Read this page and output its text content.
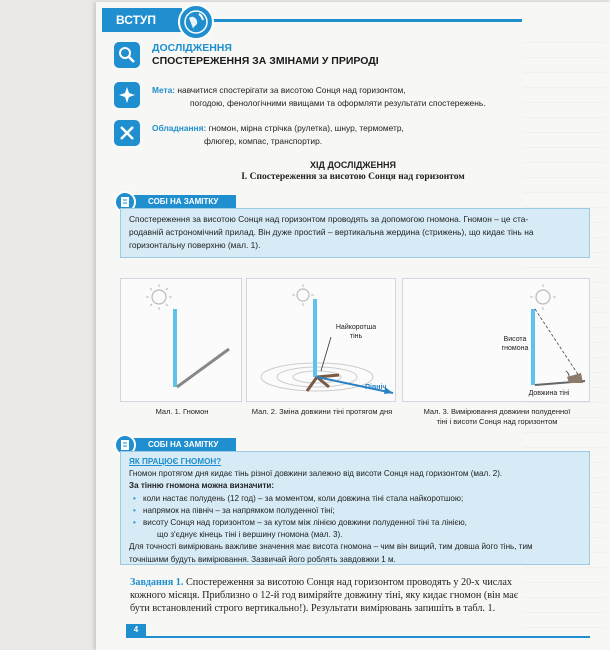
ВСТУП
ДОСЛІДЖЕННЯ
СПОСТЕРЕЖЕННЯ ЗА ЗМІНАМИ У ПРИРОДІ
Мета: навчитися спостерігати за висотою Сонця над горизонтом,
погодою, фенологічними явищами та оформляти результати спостережень.
Обладнання: гномон, мірна стрічка (рулетка), шнур, термометр,
флюгер, компас, транспортир.
ХІД ДОСЛІДЖЕННЯ
I. Спостереження за висотою Сонця над горизонтом
СОБІ НА ЗАМІТКУ
Спостереження за висотою Сонця над горизонтом проводять за допомогою гномона. Гномон – це ста-
родавній астрономічний прилад. Він дуже простий – вертикальна жердина (стрижень), що кидає тінь на
горизонтальну поверхню (мал. 1).
Мал. 1. Гномон
Найкоротша
тінь
Північ
Мал. 2. Зміна довжини тіні протягом дня
Висота
гномона
Довжина тіні
Мал. 3. Вимірювання довжини полуденної
тіні і висоти Сонця над горизонтом
СОБІ НА ЗАМІТКУ
ЯК ПРАЦЮЄ ГНОМОН?
Гномон протягом дня кидає тінь різної довжини залежно від висоти Сонця над горизонтом (мал. 2).
За тінню гномона можна визначити:
• коли настає полудень (12 год) – за моментом, коли довжина тіні стала найкоротшою;
• напрямок на північ – за напрямком полуденної тіні;
• висоту Сонця над горизонтом – за кутом між лінією довжини полуденної тіні та лінією,
що з'єднує кінець тіні і вершину гномона (мал. 3).
Для точності вимірювань важливе значення має висота гномона – чим він вищий, тим довша його тінь, тим
точнішими будуть вимірювання. Зазвичай його роблять завдовжки 1 м.
Завдання 1. Спостереження за висотою Сонця над горизонтом проводять у 20-х числах
кожного місяця. Приблизно о 12-й год виміряйте довжину тіні, яку кидає гномон (він має
бути встановлений строго вертикально!). Результати вимірювань запишіть в табл. 1.
4
